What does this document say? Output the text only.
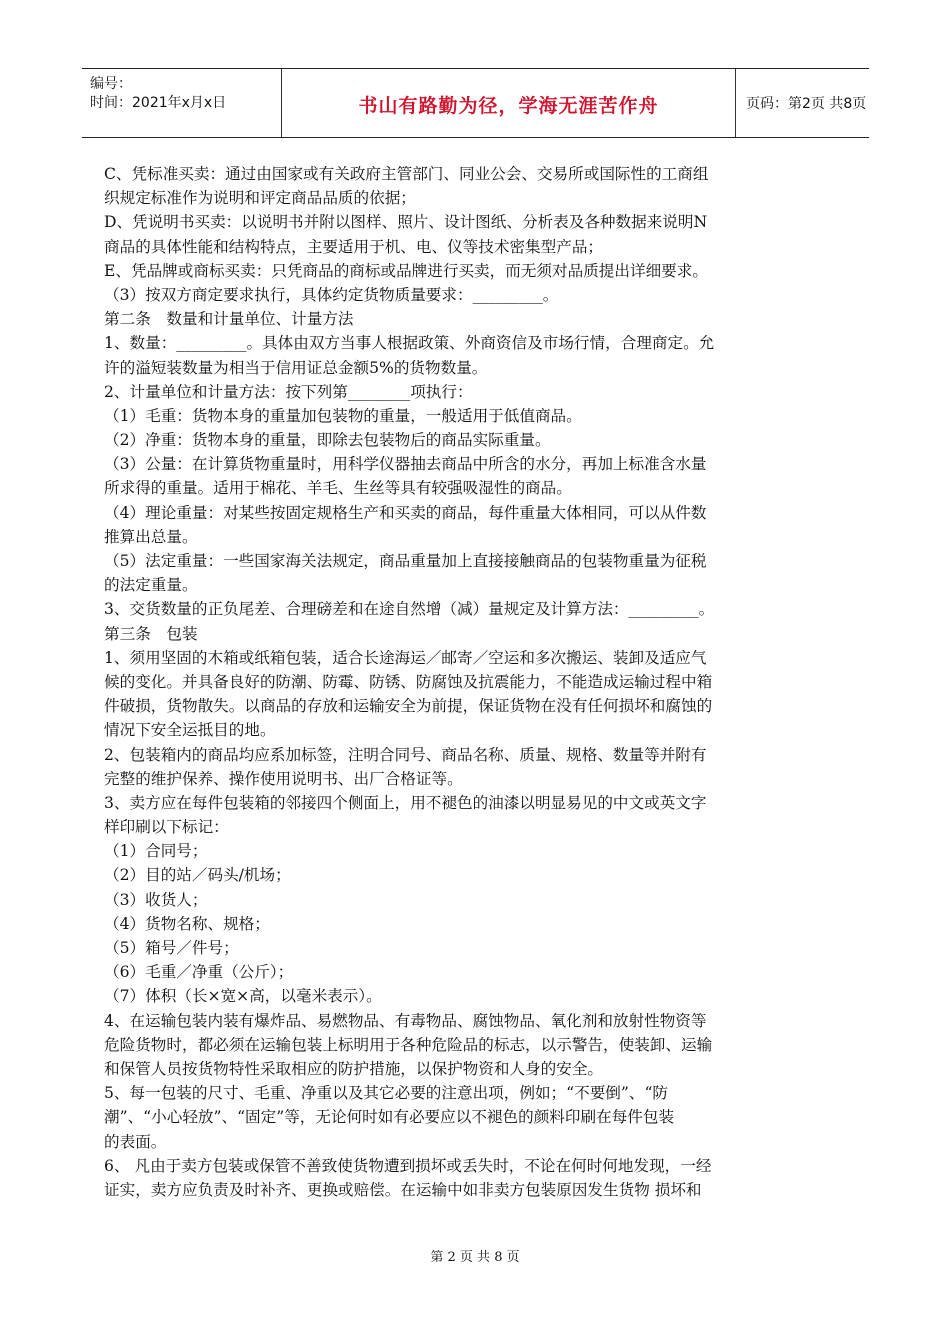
编号：
时间：2021年x月x日	书山有路勤为径，学海无涯苦作舟	页码：第2页 共8页
C、凭标准买卖：通过由国家或有关政府主管部门、同业公会、交易所或国际性的工商组
织规定标准作为说明和评定商品品质的依据；
D、凭说明书买卖：以说明书并附以图样、照片、设计图纸、分析表及各种数据来说明N
商品的具体性能和结构特点，主要适用于机、电、仪等技术密集型产品；
E、凭品牌或商标买卖：只凭商品的商标或品牌进行买卖，而无须对品质提出详细要求。
（3）按双方商定要求执行，具体约定货物质量要求：_________。
第二条　数量和计量单位、计量方法
1、数量：_________。具体由双方当事人根据政策、外商资信及市场行情，合理商定。允
许的溢短装数量为相当于信用证总金额5%的货物数量。
2、计量单位和计量方法：按下列第________项执行：
（1）毛重：货物本身的重量加包装物的重量，一般适用于低值商品。
（2）净重：货物本身的重量，即除去包装物后的商品实际重量。
（3）公量：在计算货物重量时，用科学仪器抽去商品中所含的水分，再加上标准含水量
所求得的重量。适用于棉花、羊毛、生丝等具有较强吸湿性的商品。
（4）理论重量：对某些按固定规格生产和买卖的商品，每件重量大体相同，可以从件数
推算出总量。
（5）法定重量：一些国家海关法规定，商品重量加上直接接触商品的包装物重量为征税
的法定重量。
3、交货数量的正负尾差、合理磅差和在途自然增（减）量规定及计算方法：_________。
第三条　包装
1、须用坚固的木箱或纸箱包装，适合长途海运／邮寄／空运和多次搬运、装卸及适应气
候的变化。并具备良好的防潮、防霉、防锈、防腐蚀及抗震能力，不能造成运输过程中箱
件破损，货物散失。以商品的存放和运输安全为前提，保证货物在没有任何损坏和腐蚀的
情况下安全运抵目的地。
2、包装箱内的商品均应系加标签，注明合同号、商品名称、质量、规格、数量等并附有
完整的维护保养、操作使用说明书、出厂合格证等。
3、卖方应在每件包装箱的邻接四个侧面上，用不褪色的油漆以明显易见的中文或英文字
样印刷以下标记：
（1）合同号；
（2）目的站／码头/机场；
（3）收货人；
（4）货物名称、规格；
（5）箱号／件号；
（6）毛重／净重（公斤）；
（7）体积（长×宽×高，以毫米表示）。
4、在运输包装内装有爆炸品、易燃物品、有毒物品、腐蚀物品、氧化剂和放射性物资等
危险货物时，都必须在运输包装上标明用于各种危险品的标志，以示警告，使装卸、运输
和保管人员按货物特性采取相应的防护措施，以保护物资和人身的安全。
5、每一包装的尺寸、毛重、净重以及其它必要的注意出项，例如；“不要倒”、“防
潮”、“小心轻放”、“固定”等，无论何时如有必要应以不褪色的颜料印刷在每件包装
的表面。
6、 凡由于卖方包装或保管不善致使货物遭到损坏或丢失时，不论在何时何地发现，一经
证实，卖方应负责及时补齐、更换或赔偿。在运输中如非卖方包装原因发生货物 损坏和
第 2 页 共 8 页
